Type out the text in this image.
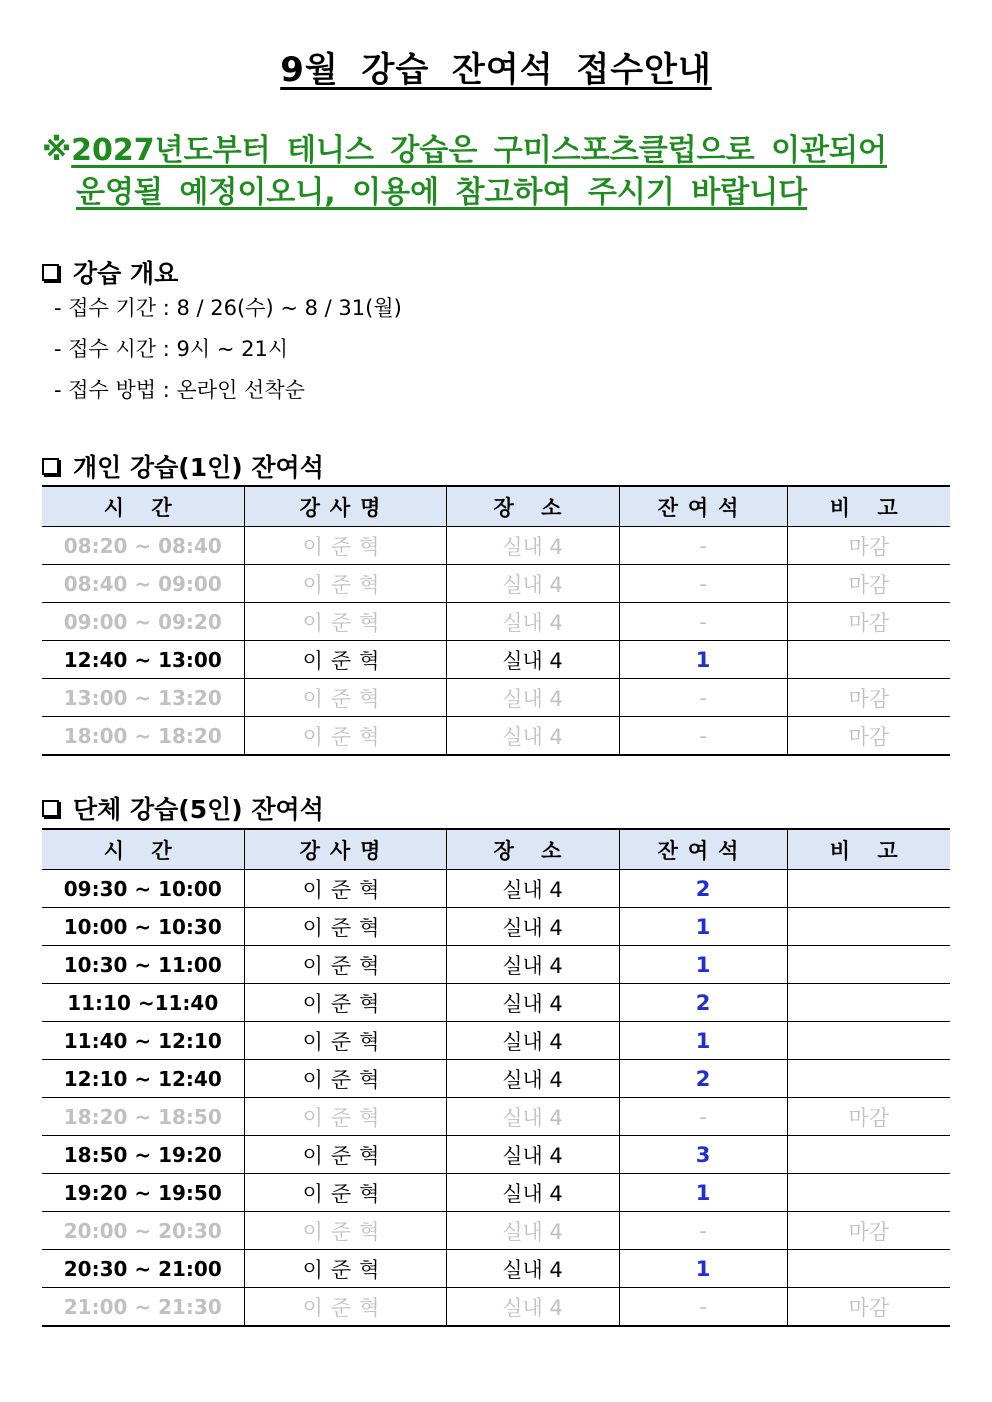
9월 강습 잔여석 접수안내
※2027년도부터 테니스 강습은 구미스포츠클럽으로 이관되어
운영될 예정이오니, 이용에 참고하여 주시기 바랍니다
강습 개요
- 접수 기간 : 8 / 26(수) ~ 8 / 31(월)
- 접수 시간 : 9시 ~ 21시
- 접수 방법 : 온라인 선착순
개인 강습(1인) 잔여석
시 간	강사명	장 소	잔여석	비 고
08:20 ~ 08:40	이준혁	실내 4	-	마감
08:40 ~ 09:00	이준혁	실내 4	-	마감
09:00 ~ 09:20	이준혁	실내 4	-	마감
12:40 ~ 13:00	이준혁	실내 4	1	
13:00 ~ 13:20	이준혁	실내 4	-	마감
18:00 ~ 18:20	이준혁	실내 4	-	마감
단체 강습(5인) 잔여석
시 간	강사명	장 소	잔여석	비 고
09:30 ~ 10:00	이준혁	실내 4	2	
10:00 ~ 10:30	이준혁	실내 4	1	
10:30 ~ 11:00	이준혁	실내 4	1	
11:10 ~11:40	이준혁	실내 4	2	
11:40 ~ 12:10	이준혁	실내 4	1	
12:10 ~ 12:40	이준혁	실내 4	2	
18:20 ~ 18:50	이준혁	실내 4	-	마감
18:50 ~ 19:20	이준혁	실내 4	3	
19:20 ~ 19:50	이준혁	실내 4	1	
20:00 ~ 20:30	이준혁	실내 4	-	마감
20:30 ~ 21:00	이준혁	실내 4	1	
21:00 ~ 21:30	이준혁	실내 4	-	마감
